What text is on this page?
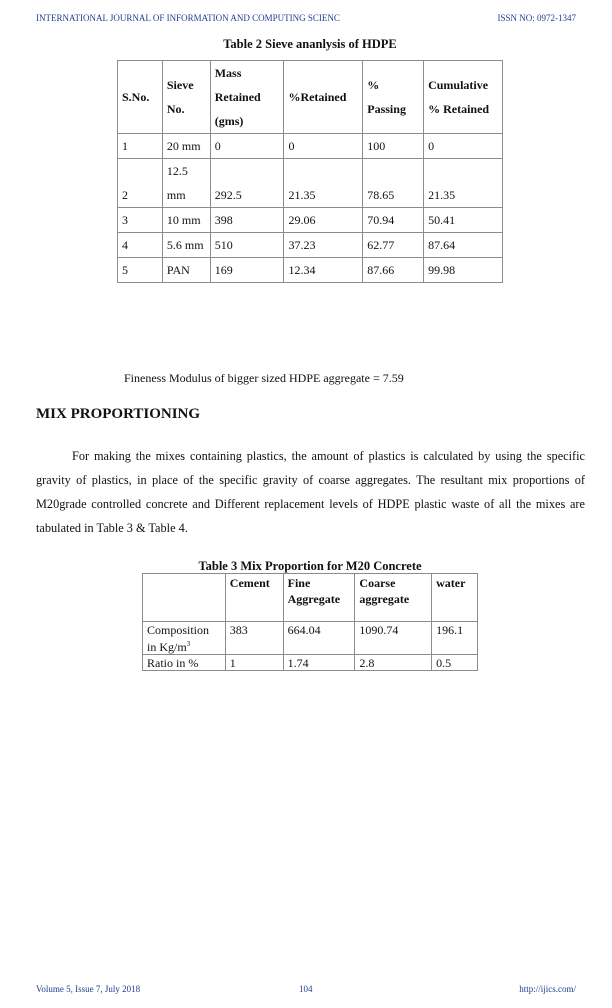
INTERNATIONAL JOURNAL OF INFORMATION AND COMPUTING SCIENC	ISSN NO: 0972-1347
Table 2 Sieve ananlysis of HDPE
S.No.	Sieve No.	Mass Retained (gms)	%Retained	% Passing	Cumulative % Retained
1	20 mm	0	0	100	0
2	12.5 mm	292.5	21.35	78.65	21.35
3	10 mm	398	29.06	70.94	50.41
4	5.6 mm	510	37.23	62.77	87.64
5	PAN	169	12.34	87.66	99.98
Fineness Modulus of bigger sized HDPE aggregate = 7.59
MIX PROPORTIONING

For making the mixes containing plastics, the amount of plastics is calculated by using the specific gravity of plastics, in place of the specific gravity of coarse aggregates. The resultant mix proportions of M20grade controlled concrete and Different replacement levels of HDPE plastic waste of all the mixes are tabulated in Table 3 & Table 4.

Table 3 Mix Proportion for M20 Concrete
	Cement	Fine Aggregate	Coarse aggregate	water
Composition in $Kg/m^3$	383	664.04	1090.74	196.1
Ratio in %	1	1.74	2.8	0.5
Volume 5, Issue 7, July 2018	104	http://ijics.com/
